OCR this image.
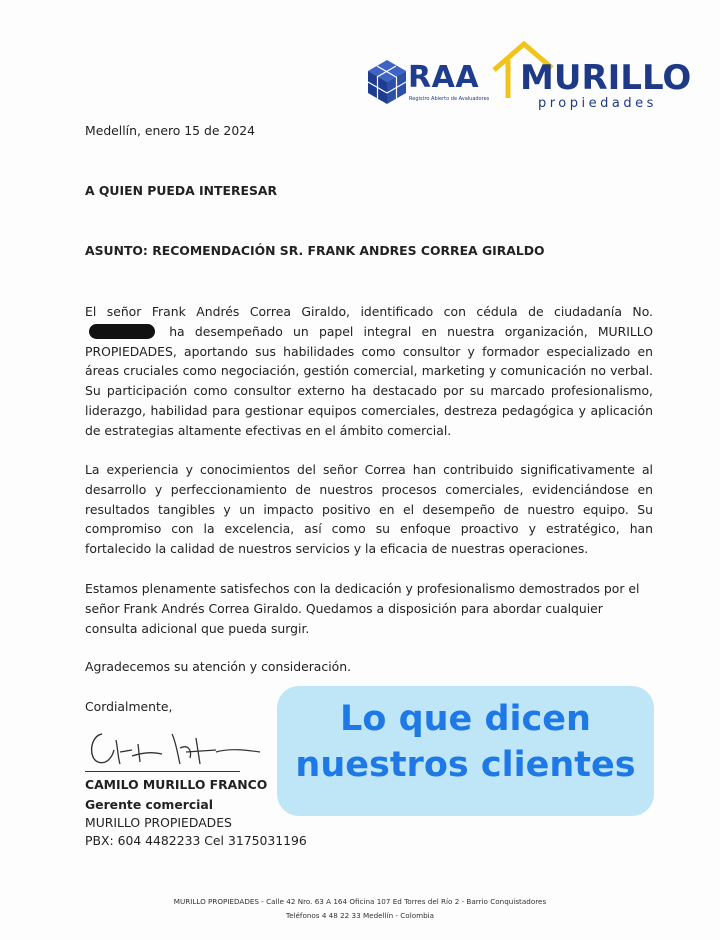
RAA
Registro Abierto de Avaluadores
MURILLO
propiedades
Medellín, enero 15 de 2024
A QUIEN PUEDA INTERESAR
ASUNTO: RECOMENDACIÓN SR. FRANK ANDRES CORREA GIRALDO
El señor Frank Andrés Correa Giraldo, identificado con cédula de ciudadanía No. ha desempeñado un papel integral en nuestra organización, MURILLO PROPIEDADES, aportando sus habilidades como consultor y formador especializado en áreas cruciales como negociación, gestión comercial, marketing y comunicación no verbal. Su participación como consultor externo ha destacado por su marcado profesionalismo, liderazgo, habilidad para gestionar equipos comerciales, destreza pedagógica y aplicación de estrategias altamente efectivas en el ámbito comercial.
La experiencia y conocimientos del señor Correa han contribuido significativamente al desarrollo y perfeccionamiento de nuestros procesos comerciales, evidenciándose en resultados tangibles y un impacto positivo en el desempeño de nuestro equipo. Su compromiso con la excelencia, así como su enfoque proactivo y estratégico, han fortalecido la calidad de nuestros servicios y la eficacia de nuestras operaciones.
Estamos plenamente satisfechos con la dedicación y profesionalismo demostrados por el señor Frank Andrés Correa Giraldo. Quedamos a disposición para abordar cualquier consulta adicional que pueda surgir.
Agradecemos su atención y consideración.
Cordialmente,
CAMILO MURILLO FRANCO
Gerente comercial
MURILLO PROPIEDADES
PBX: 604 4482233 Cel 3175031196
Lo que dicen
nuestros clientes
MURILLO PROPIEDADES - Calle 42 Nro. 63 A 164 Oficina 107 Ed Torres del Río 2 - Barrio Conquistadores
Teléfonos 4 48 22 33 Medellín - Colombia
